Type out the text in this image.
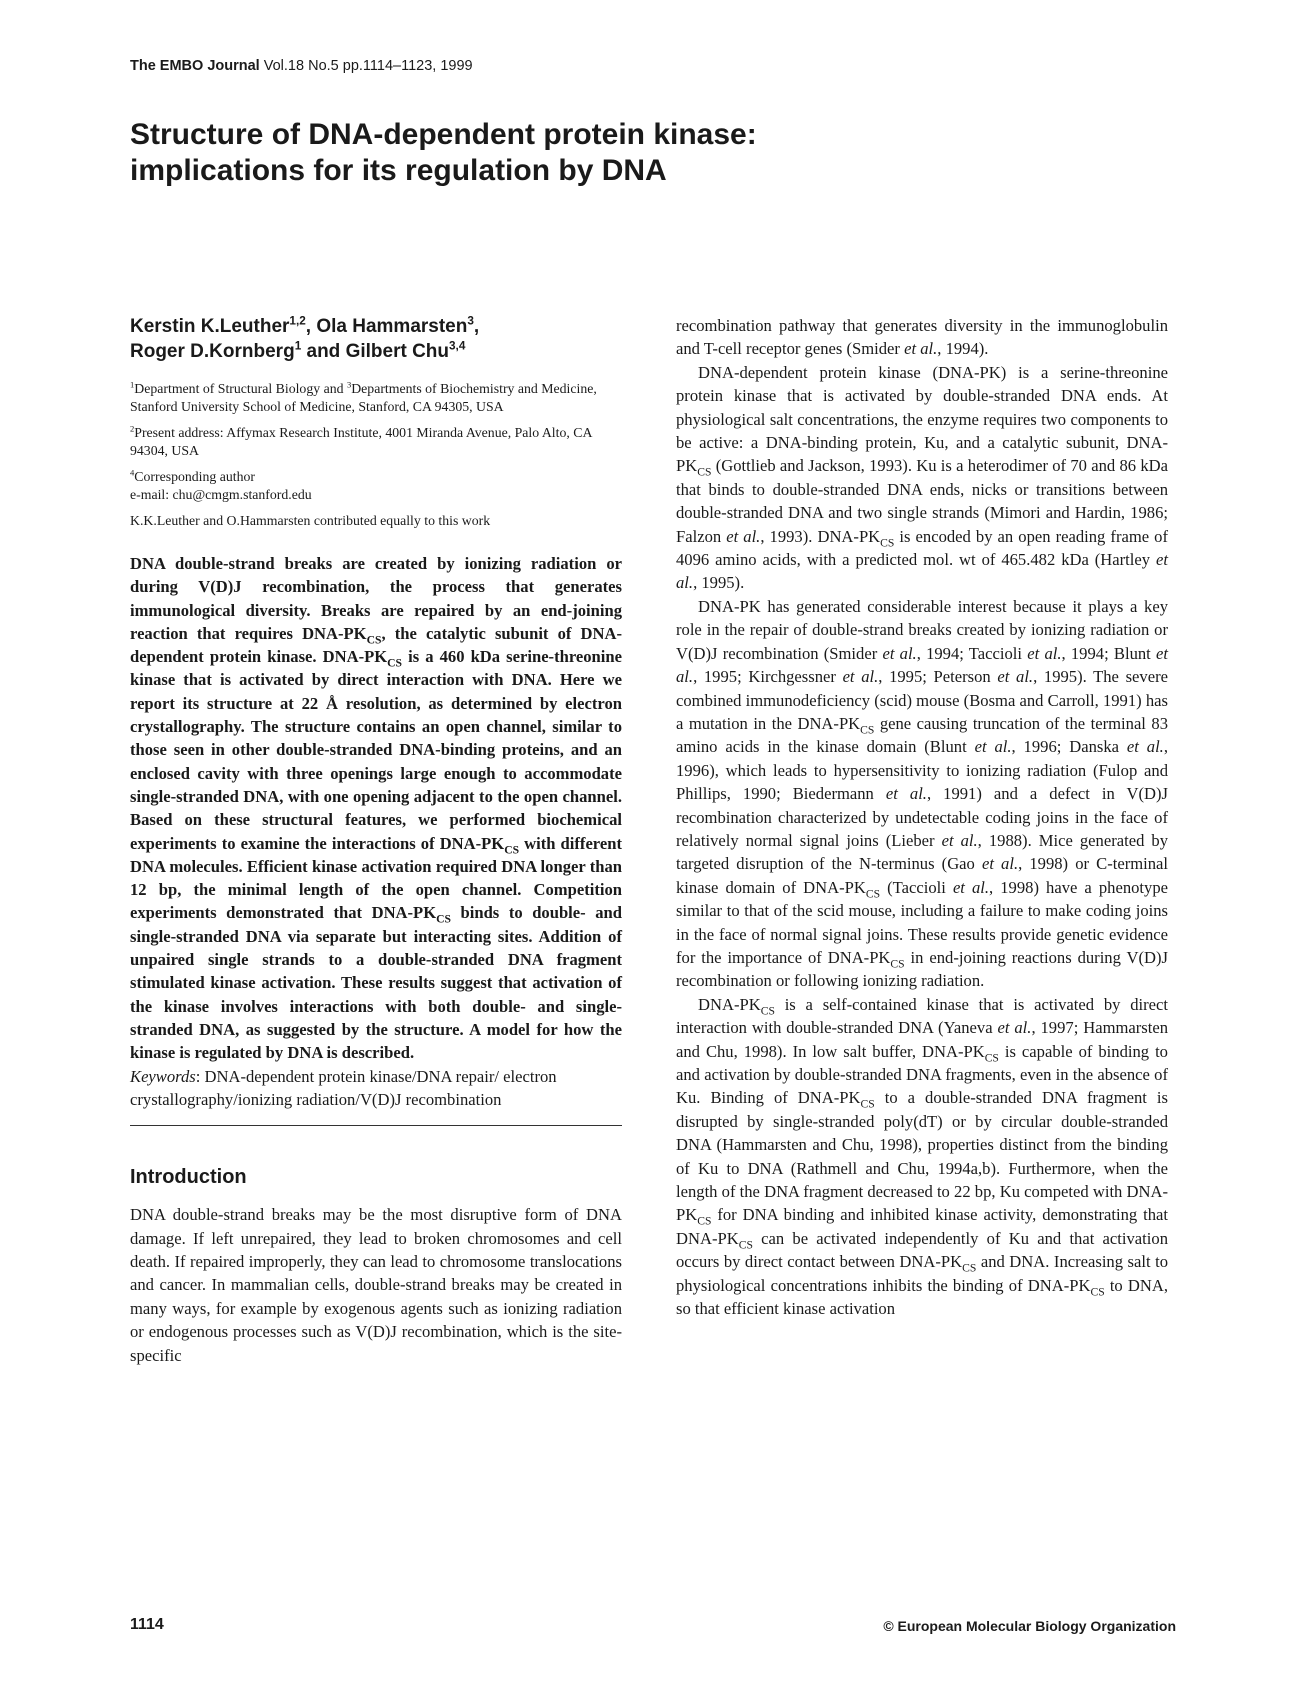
The EMBO Journal Vol.18 No.5 pp.1114–1123, 1999
Structure of DNA-dependent protein kinase:
implications for its regulation by DNA

Kerstin K.Leuther$^{1,2}$, Ola Hammarsten$^3$,
Roger D.Kornberg$^1$ and Gilbert Chu$^{3,4}$

$^1$Department of Structural Biology and $^3$Departments of Biochemistry and Medicine, Stanford University School of Medicine, Stanford, CA 94305, USA

$^2$Present address: Affymax Research Institute, 4001 Miranda Avenue, Palo Alto, CA 94304, USA

$^4$Corresponding author
e-mail: chu@cmgm.stanford.edu

K.K.Leuther and O.Hammarsten contributed equally to this work

DNA double-strand breaks are created by ionizing radiation or during V(D)J recombination, the process that generates immunological diversity. Breaks are repaired by an end-joining reaction that requires DNA-$PK_{CS}$, the catalytic subunit of DNA-dependent protein kinase. DNA-$PK_{CS}$ is a 460 kDa serine-threonine kinase that is activated by direct interaction with DNA. Here we report its structure at 22 Å resolution, as determined by electron crystallography. The structure contains an open channel, similar to those seen in other double-stranded DNA-binding proteins, and an enclosed cavity with three openings large enough to accommodate single-stranded DNA, with one opening adjacent to the open channel. Based on these structural features, we performed biochemical experiments to examine the interactions of DNA-$PK_{CS}$ with different DNA molecules. Efficient kinase activation required DNA longer than 12 bp, the minimal length of the open channel. Competition experiments demonstrated that DNA-$PK_{CS}$ binds to double- and single-stranded DNA via separate but interacting sites. Addition of unpaired single strands to a double-stranded DNA fragment stimulated kinase activation. These results suggest that activation of the kinase involves interactions with both double- and single-stranded DNA, as suggested by the structure. A model for how the kinase is regulated by DNA is described.

Keywords: DNA-dependent protein kinase/DNA repair/ electron crystallography/ionizing radiation/V(D)J recombination

Introduction

DNA double-strand breaks may be the most disruptive form of DNA damage. If left unrepaired, they lead to broken chromosomes and cell death. If repaired improperly, they can lead to chromosome translocations and cancer. In mammalian cells, double-strand breaks may be created in many ways, for example by exogenous agents such as ionizing radiation or endogenous processes such as V(D)J recombination, which is the site-specific

recombination pathway that generates diversity in the immunoglobulin and T-cell receptor genes (Smider et al., 1994).

DNA-dependent protein kinase (DNA-PK) is a serine-threonine protein kinase that is activated by double-stranded DNA ends. At physiological salt concentrations, the enzyme requires two components to be active: a DNA-binding protein, Ku, and a catalytic subunit, DNA-$PK_{CS}$ (Gottlieb and Jackson, 1993). Ku is a heterodimer of 70 and 86 kDa that binds to double-stranded DNA ends, nicks or transitions between double-stranded DNA and two single strands (Mimori and Hardin, 1986; Falzon et al., 1993). DNA-$PK_{CS}$ is encoded by an open reading frame of 4096 amino acids, with a predicted mol. wt of 465.482 kDa (Hartley et al., 1995).

DNA-PK has generated considerable interest because it plays a key role in the repair of double-strand breaks created by ionizing radiation or V(D)J recombination (Smider et al., 1994; Taccioli et al., 1994; Blunt et al., 1995; Kirchgessner et al., 1995; Peterson et al., 1995). The severe combined immunodeficiency (scid) mouse (Bosma and Carroll, 1991) has a mutation in the DNA-$PK_{CS}$ gene causing truncation of the terminal 83 amino acids in the kinase domain (Blunt et al., 1996; Danska et al., 1996), which leads to hypersensitivity to ionizing radiation (Fulop and Phillips, 1990; Biedermann et al., 1991) and a defect in V(D)J recombination characterized by undetectable coding joins in the face of relatively normal signal joins (Lieber et al., 1988). Mice generated by targeted disruption of the N-terminus (Gao et al., 1998) or C-terminal kinase domain of DNA-$PK_{CS}$ (Taccioli et al., 1998) have a phenotype similar to that of the scid mouse, including a failure to make coding joins in the face of normal signal joins. These results provide genetic evidence for the importance of DNA-$PK_{CS}$ in end-joining reactions during V(D)J recombination or following ionizing radiation.

DNA-$PK_{CS}$ is a self-contained kinase that is activated by direct interaction with double-stranded DNA (Yaneva et al., 1997; Hammarsten and Chu, 1998). In low salt buffer, DNA-$PK_{CS}$ is capable of binding to and activation by double-stranded DNA fragments, even in the absence of Ku. Binding of DNA-$PK_{CS}$ to a double-stranded DNA fragment is disrupted by single-stranded poly(dT) or by circular double-stranded DNA (Hammarsten and Chu, 1998), properties distinct from the binding of Ku to DNA (Rathmell and Chu, 1994a,b). Furthermore, when the length of the DNA fragment decreased to 22 bp, Ku competed with DNA-$PK_{CS}$ for DNA binding and inhibited kinase activity, demonstrating that DNA-$PK_{CS}$ can be activated independently of Ku and that activation occurs by direct contact between DNA-$PK_{CS}$ and DNA. Increasing salt to physiological concentrations inhibits the binding of DNA-$PK_{CS}$ to DNA, so that efficient kinase activation

1114	© European Molecular Biology Organization
